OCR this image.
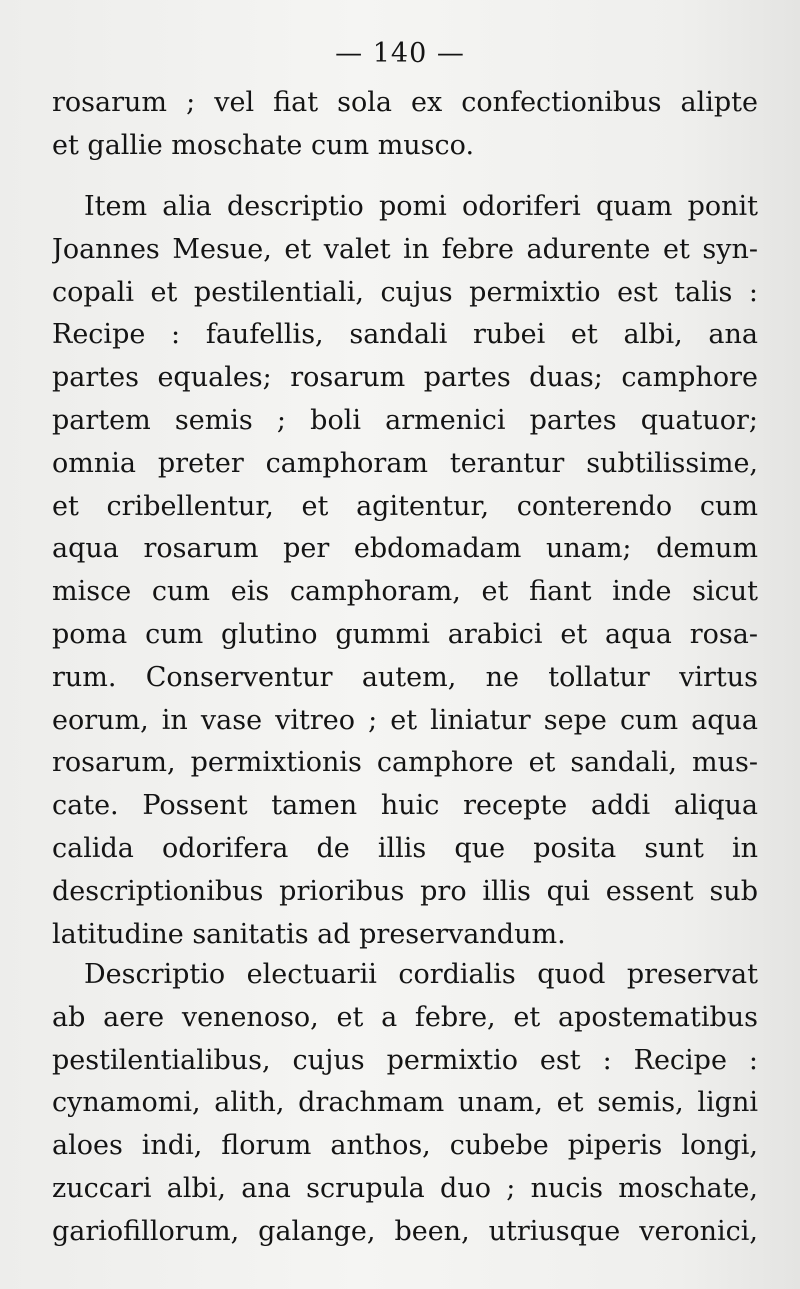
— 140 —
rosarum ; vel fiat sola ex confectionibus alipte
et gallie moschate cum musco.
Item alia descriptio pomi odoriferi quam ponit
Joannes Mesue, et valet in febre adurente et syn-
copali et pestilentiali, cujus permixtio est talis :
Recipe : faufellis, sandali rubei et albi, ana
partes equales; rosarum partes duas; camphore
partem semis ; boli armenici partes quatuor;
omnia preter camphoram terantur subtilissime,
et cribellentur, et agitentur, conterendo cum
aqua rosarum per ebdomadam unam; demum
misce cum eis camphoram, et fiant inde sicut
poma cum glutino gummi arabici et aqua rosa-
rum. Conserventur autem, ne tollatur virtus
eorum, in vase vitreo ; et liniatur sepe cum aqua
rosarum, permixtionis camphore et sandali, mus-
cate. Possent tamen huic recepte addi aliqua
calida odorifera de illis que posita sunt in
descriptionibus prioribus pro illis qui essent sub
latitudine sanitatis ad preservandum.
Descriptio electuarii cordialis quod preservat
ab aere venenoso, et a febre, et apostematibus
pestilentialibus, cujus permixtio est : Recipe :
cynamomi, alith, drachmam unam, et semis, ligni
aloes indi, florum anthos, cubebe piperis longi,
zuccari albi, ana scrupula duo ; nucis moschate,
gariofillorum, galange, been, utriusque veronici,
